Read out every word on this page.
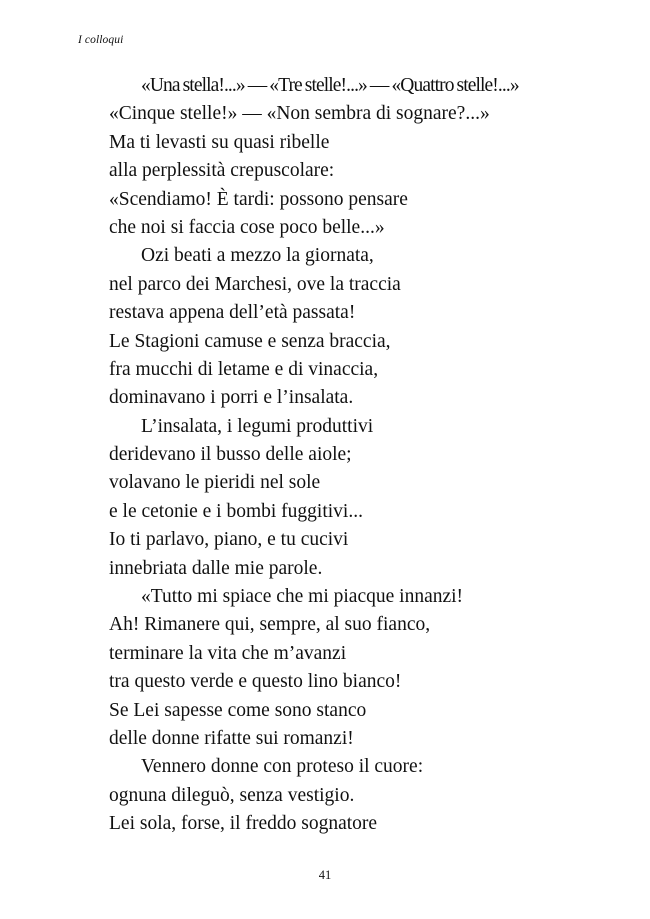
I colloqui
«Una stella!...» — «Tre stelle!...» — «Quattro stelle!...»
«Cinque stelle!» — «Non sembra di sognare?...»
Ma ti levasti su quasi ribelle
alla perplessità crepuscolare:
«Scendiamo! È tardi: possono pensare
che noi si faccia cose poco belle...»
Ozi beati a mezzo la giornata,
nel parco dei Marchesi, ove la traccia
restava appena dell’età passata!
Le Stagioni camuse e senza braccia,
fra mucchi di letame e di vinaccia,
dominavano i porri e l’insalata.
L’insalata, i legumi produttivi
deridevano il busso delle aiole;
volavano le pieridi nel sole
e le cetonie e i bombi fuggitivi...
Io ti parlavo, piano, e tu cucivi
innebriata dalle mie parole.
«Tutto mi spiace che mi piacque innanzi!
Ah! Rimanere qui, sempre, al suo fianco,
terminare la vita che m’avanzi
tra questo verde e questo lino bianco!
Se Lei sapesse come sono stanco
delle donne rifatte sui romanzi!
Vennero donne con proteso il cuore:
ognuna dileguò, senza vestigio.
Lei sola, forse, il freddo sognatore
41
